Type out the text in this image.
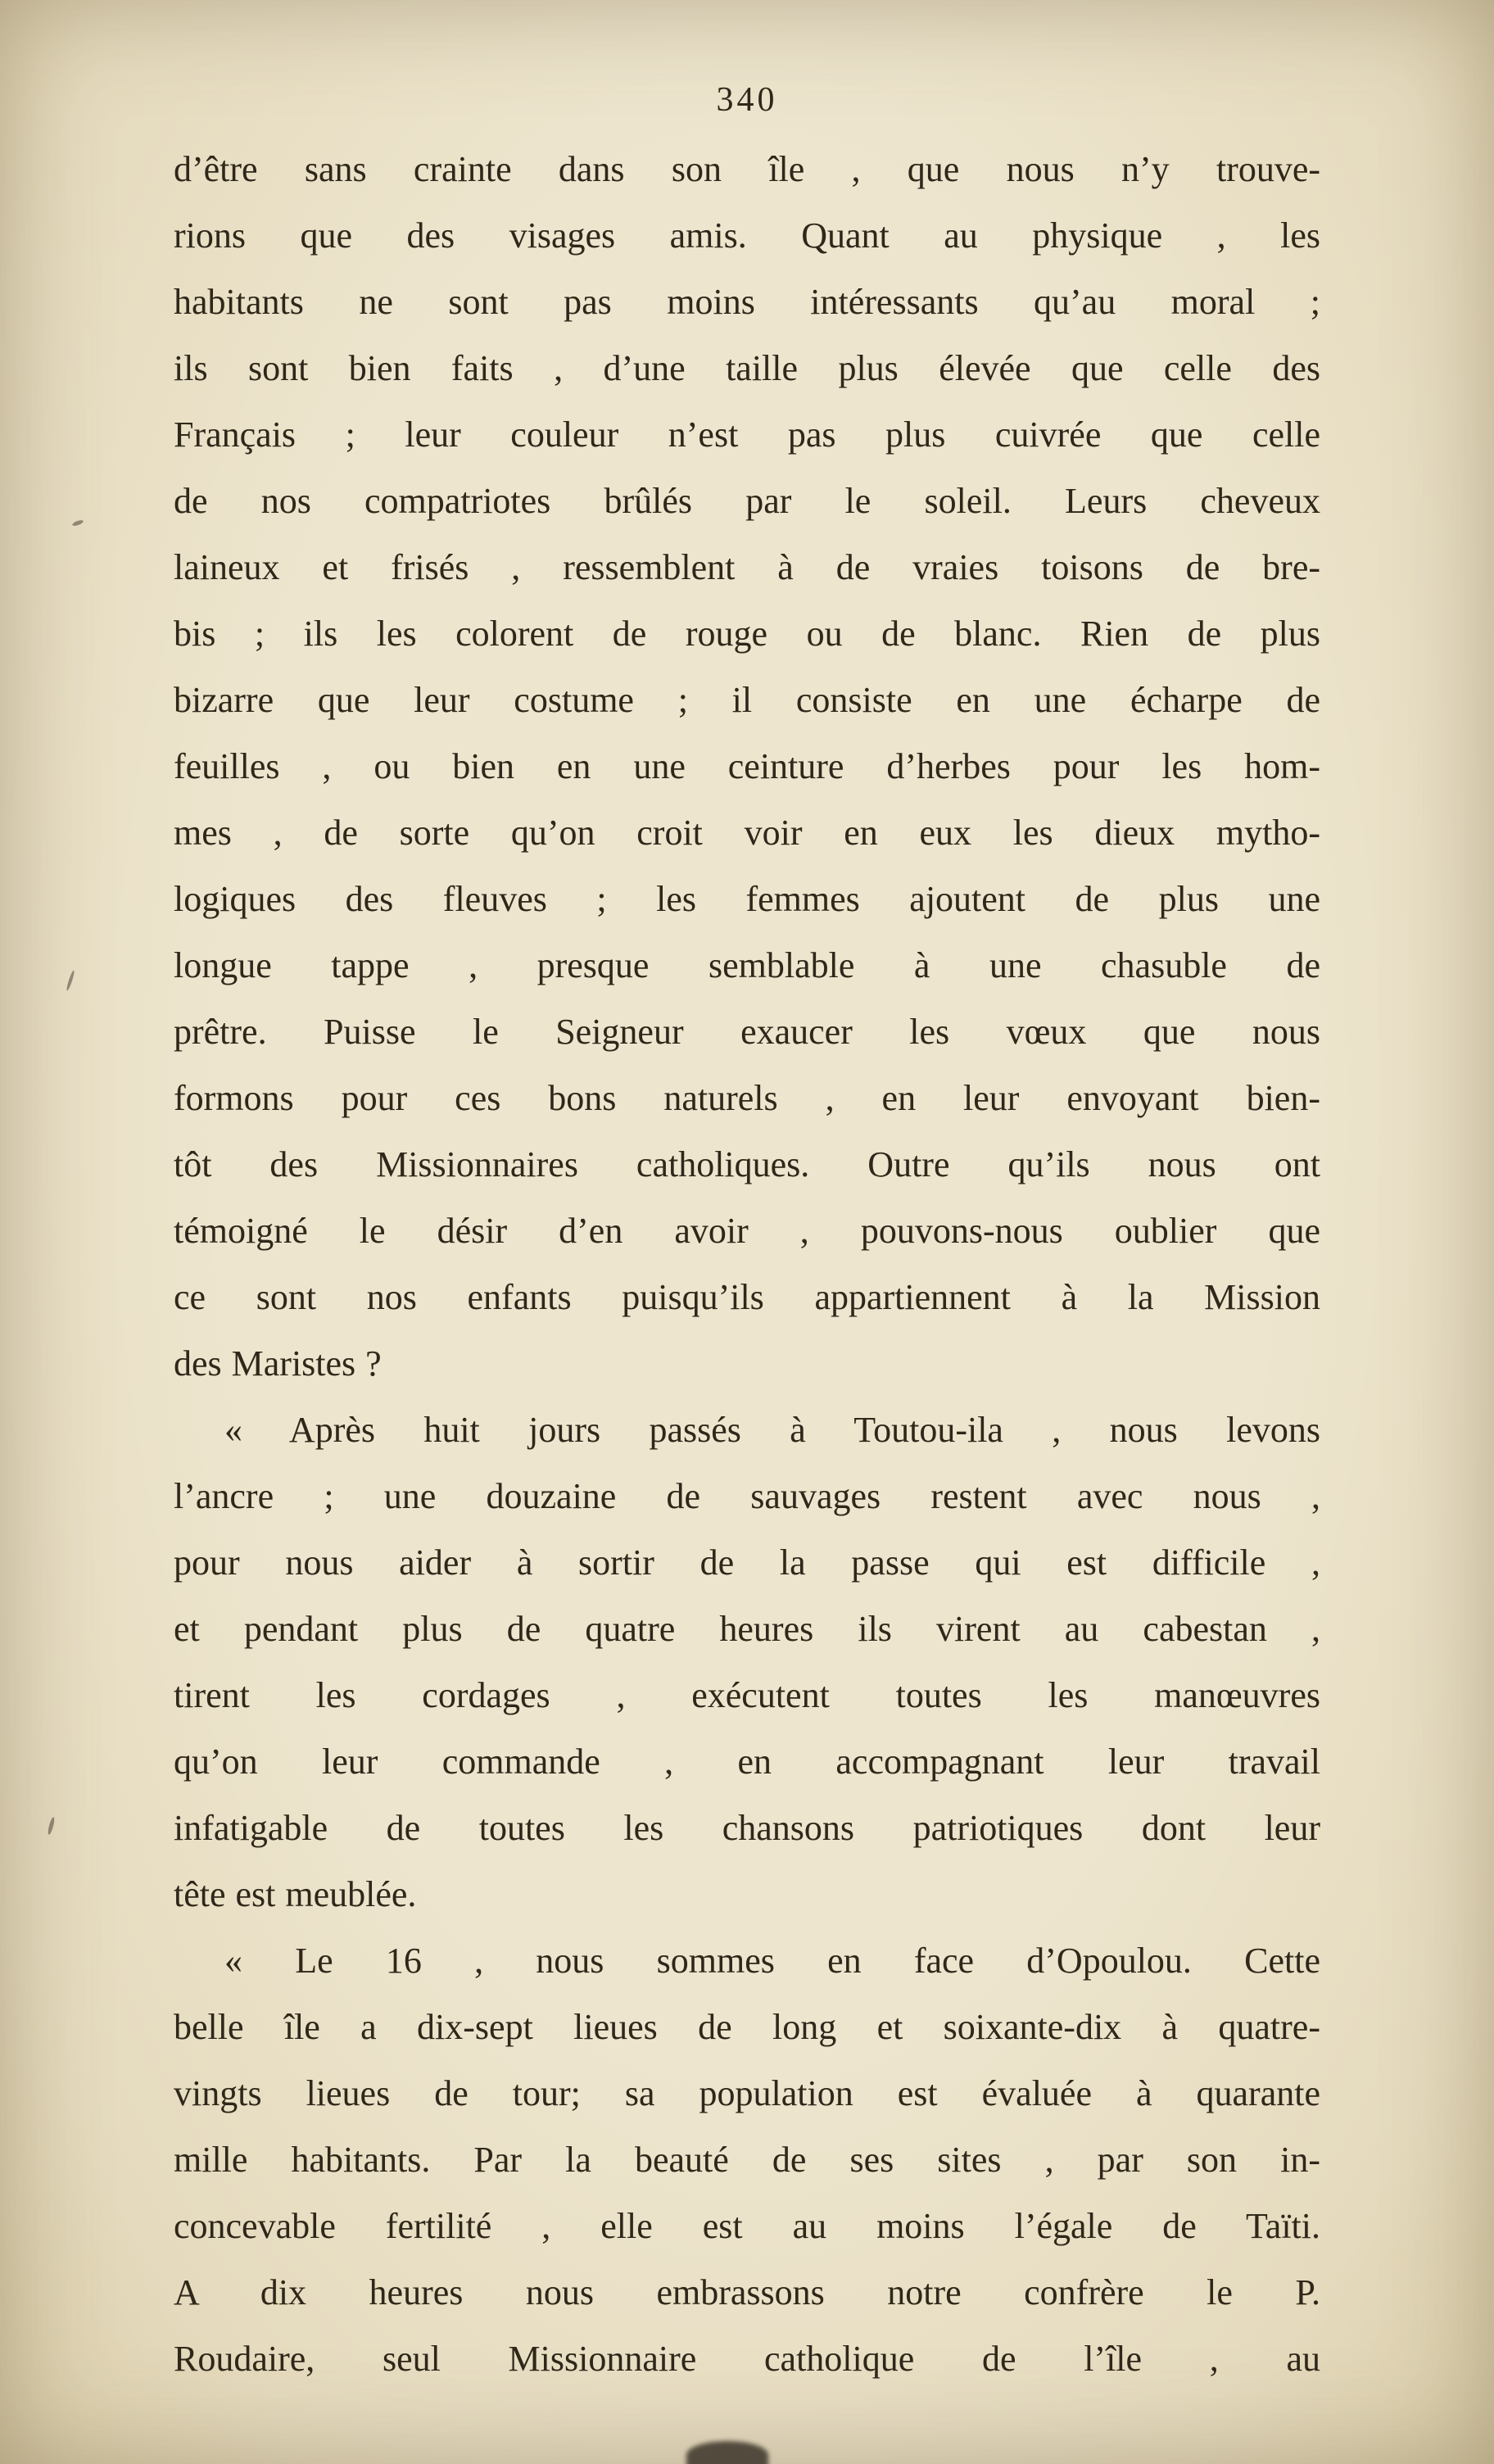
340
d’être sans crainte dans son île , que nous n’y trouve-
rions que des visages amis. Quant au physique , les
habitants ne sont pas moins intéressants qu’au moral ;
ils sont bien faits , d’une taille plus élevée que celle des
Français ; leur couleur n’est pas plus cuivrée que celle
de nos compatriotes brûlés par le soleil. Leurs cheveux
laineux et frisés , ressemblent à de vraies toisons de bre-
bis ; ils les colorent de rouge ou de blanc. Rien de plus
bizarre que leur costume ; il consiste en une écharpe de
feuilles , ou bien en une ceinture d’herbes pour les hom-
mes , de sorte qu’on croit voir en eux les dieux mytho-
logiques des fleuves ; les femmes ajoutent de plus une
longue tappe , presque semblable à une chasuble de
prêtre. Puisse le Seigneur exaucer les vœux que nous
formons pour ces bons naturels , en leur envoyant bien-
tôt des Missionnaires catholiques. Outre qu’ils nous ont
témoigné le désir d’en avoir , pouvons-nous oublier que
ce sont nos enfants puisqu’ils appartiennent à la Mission
des Maristes ?
« Après huit jours passés à Toutou-ila , nous levons
l’ancre ; une douzaine de sauvages restent avec nous ,
pour nous aider à sortir de la passe qui est difficile ,
et pendant plus de quatre heures ils virent au cabestan ,
tirent les cordages , exécutent toutes les manœuvres
qu’on leur commande , en accompagnant leur travail
infatigable de toutes les chansons patriotiques dont leur
tête est meublée.
« Le 16 , nous sommes en face d’Opoulou. Cette
belle île a dix-sept lieues de long et soixante-dix à quatre-
vingts lieues de tour; sa population est évaluée à quarante
mille habitants. Par la beauté de ses sites , par son in-
concevable fertilité , elle est au moins l’égale de Taïti.
A dix heures nous embrassons notre confrère le P.
Roudaire, seul Missionnaire catholique de l’île , au
